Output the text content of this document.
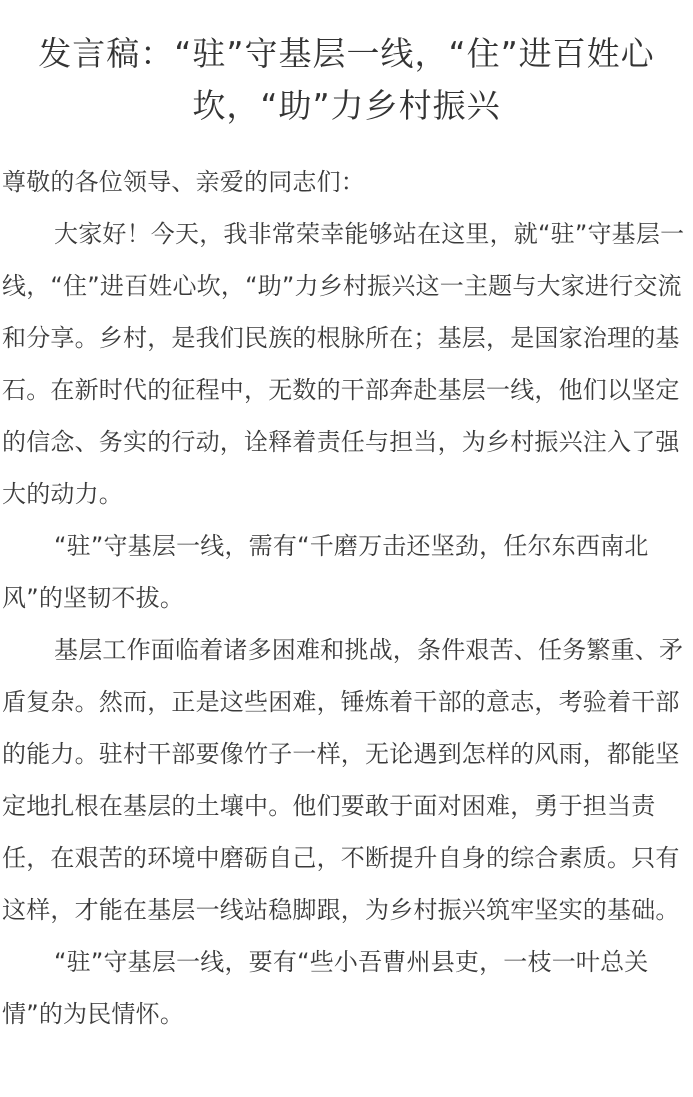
发言稿：“驻”守基层一线，“住”进百姓心坎，“助”力乡村振兴

尊敬的各位领导、亲爱的同志们：

大家好！今天，我非常荣幸能够站在这里，就“驻”守基层一线，“住”进百姓心坎，“助”力乡村振兴这一主题与大家进行交流和分享。乡村，是我们民族的根脉所在；基层，是国家治理的基石。在新时代的征程中，无数的干部奔赴基层一线，他们以坚定的信念、务实的行动，诠释着责任与担当，为乡村振兴注入了强大的动力。

“驻”守基层一线，需有“千磨万击还坚劲，任尔东西南北风”的坚韧不拔。

基层工作面临着诸多困难和挑战，条件艰苦、任务繁重、矛盾复杂。然而，正是这些困难，锤炼着干部的意志，考验着干部的能力。驻村干部要像竹子一样，无论遇到怎样的风雨，都能坚定地扎根在基层的土壤中。他们要敢于面对困难，勇于担当责任，在艰苦的环境中磨砺自己，不断提升自身的综合素质。只有这样，才能在基层一线站稳脚跟，为乡村振兴筑牢坚实的基础。

“驻”守基层一线，要有“些小吾曹州县吏，一枝一叶总关情”的为民情怀。
